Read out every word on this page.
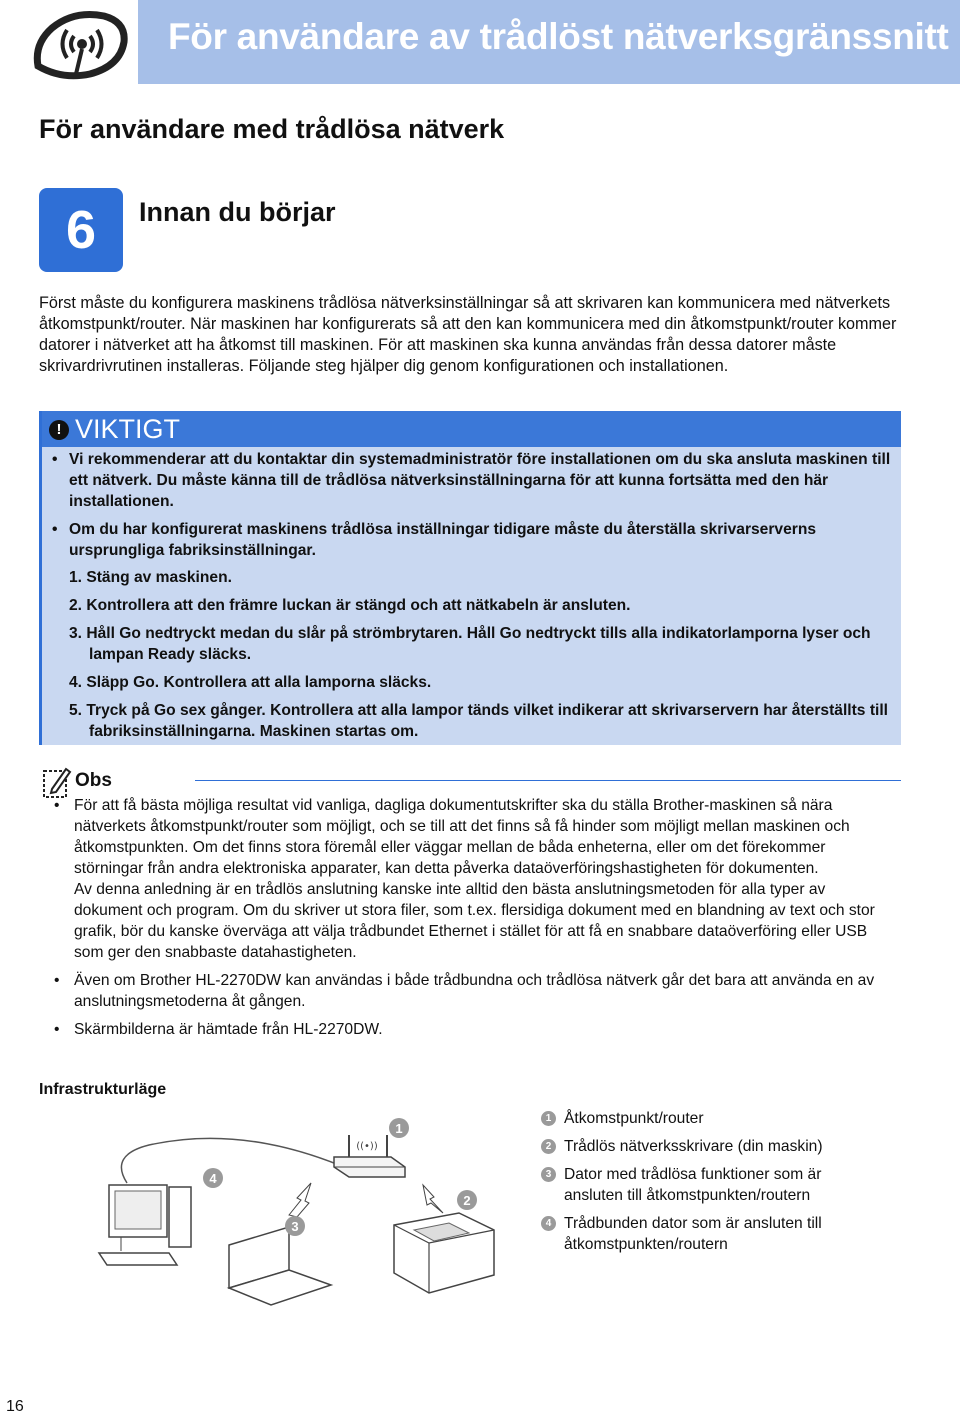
För användare av trådlöst nätverksgränssnitt
För användare med trådlösa nätverk
6	Innan du börjar

Först måste du konfigurera maskinens trådlösa nätverksinställningar så att skrivaren kan kommunicera med nätverkets åtkomstpunkt/router. När maskinen har konfigurerats så att den kan kommunicera med din åtkomstpunkt/router kommer datorer i nätverket att ha åtkomst till maskinen. För att maskinen ska kunna användas från dessa datorer måste skrivardrivrutinen installeras. Följande steg hjälper dig genom konfigurationen och installationen.

! VIKTIGT
• Vi rekommenderar att du kontaktar din systemadministratör före installationen om du ska ansluta maskinen till ett nätverk. Du måste känna till de trådlösa nätverksinställningarna för att kunna fortsätta med den här installationen.
• Om du har konfigurerat maskinens trådlösa inställningar tidigare måste du återställa skrivarserverns ursprungliga fabriksinställningar.
1. Stäng av maskinen.
2. Kontrollera att den främre luckan är stängd och att nätkabeln är ansluten.
3. Håll Go nedtryckt medan du slår på strömbrytaren. Håll Go nedtryckt tills alla indikatorlamporna lyser och lampan Ready släcks.
4. Släpp Go. Kontrollera att alla lamporna släcks.
5. Tryck på Go sex gånger. Kontrollera att alla lampor tänds vilket indikerar att skrivarservern har återställts till fabriksinställningarna. Maskinen startas om.
Obs
• För att få bästa möjliga resultat vid vanliga, dagliga dokumentutskrifter ska du ställa Brother-maskinen så nära nätverkets åtkomstpunkt/router som möjligt, och se till att det finns så få hinder som möjligt mellan maskinen och åtkomstpunkten. Om det finns stora föremål eller väggar mellan de båda enheterna, eller om det förekommer störningar från andra elektroniska apparater, kan detta påverka dataöverföringshastigheten för dokumenten.
Av denna anledning är en trådlös anslutning kanske inte alltid den bästa anslutningsmetoden för alla typer av dokument och program. Om du skriver ut stora filer, som t.ex. flersidiga dokument med en blandning av text och stor grafik, bör du kanske överväga att välja trådbundet Ethernet i stället för att få en snabbare dataöverföring eller USB som ger den snabbaste datahastigheten.
• Även om Brother HL-2270DW kan användas i både trådbundna och trådlösa nätverk går det bara att använda en av anslutningsmetoderna åt gången.
• Skärmbilderna är hämtade från HL-2270DW.
Infrastrukturläge
((•))
1
2
3
4
1 Åtkomstpunkt/router
2 Trådlös nätverksskrivare (din maskin)
3 Dator med trådlösa funktioner som är ansluten till åtkomstpunkten/routern
4 Trådbunden dator som är ansluten till åtkomstpunkten/routern
16
